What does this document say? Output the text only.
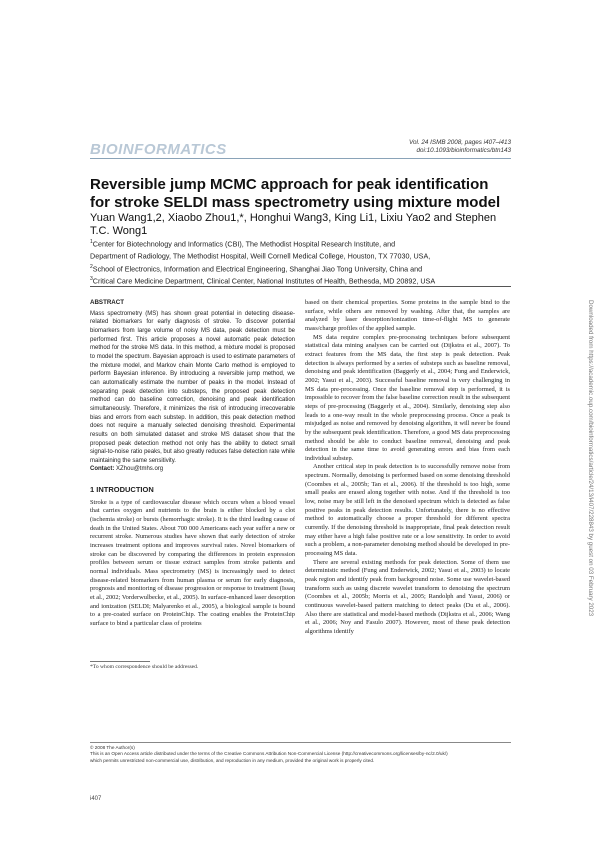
BIOINFORMATICS	Vol. 24 ISMB 2008, pages i407–i413
doi:10.1093/bioinformatics/btn143
Reversible jump MCMC approach for peak identification for stroke SELDI mass spectrometry using mixture model
Yuan Wang1,2, Xiaobo Zhou1,*, Honghui Wang3, King Li1, Lixiu Yao2 and Stephen T.C. Wong1
$^1$Center for Biotechnology and Informatics (CBI), The Methodist Hospital Research Institute, and
Department of Radiology, The Methodist Hospital, Weill Cornell Medical College, Houston, TX 77030, USA,
$^2$School of Electronics, Information and Electrical Engineering, Shanghai Jiao Tong University, China and
$^3$Critical Care Medicine Department, Clinical Center, National Institutes of Health, Bethesda, MD 20892, USA
ABSTRACT
Mass spectrometry (MS) has shown great potential in detecting disease-related biomarkers for early diagnosis of stroke. To discover potential biomarkers from large volume of noisy MS data, peak detection must be performed first. This article proposes a novel automatic peak detection method for the stroke MS data. In this method, a mixture model is proposed to model the spectrum. Bayesian approach is used to estimate parameters of the mixture model, and Markov chain Monte Carlo method is employed to perform Bayesian inference. By introducing a reversible jump method, we can automatically estimate the number of peaks in the model. Instead of separating peak detection into substeps, the proposed peak detection method can do baseline correction, denoising and peak identification simultaneously. Therefore, it minimizes the risk of introducing irrecoverable bias and errors from each substep. In addition, this peak detection method does not require a manually selected denoising threshold. Experimental results on both simulated dataset and stroke MS dataset show that the proposed peak detection method not only has the ability to detect small signal-to-noise ratio peaks, but also greatly reduces false detection rate while maintaining the same sensitivity.
Contact: XZhou@tmhs.org
1 INTRODUCTION
Stroke is a type of cardiovascular disease which occurs when a blood vessel that carries oxygen and nutrients to the brain is either blocked by a clot (ischemia stroke) or bursts (hemorrhagic stroke). It is the third leading cause of death in the United States. About 700 000 Americans each year suffer a new or recurrent stroke. Numerous studies have shown that early detection of stroke increases treatment options and improves survival rates. Novel biomarkers of stroke can be discovered by comparing the differences in protein expression profiles between serum or tissue extract samples from stroke patients and normal individuals. Mass spectrometry (MS) is increasingly used to detect disease-related biomarkers from human plasma or serum for early diagnosis, prognosis and monitoring of disease progression or response to treatment (Issaq et al., 2002; Vorderwulbecke, et al., 2005). In surface-enhanced laser desorption and ionization (SELDI; Malyarenko et al., 2005), a biological sample is bound to a pre-coated surface on ProteinChip. The coating enables the ProteinChip surface to bind a particular class of proteins
based on their chemical properties. Some proteins in the sample bind to the surface, while others are removed by washing. After that, the samples are analyzed by laser desorption/ionization time-of-flight MS to generate mass/charge profiles of the applied sample.
MS data require complex pre-processing techniques before subsequent statistical data mining analyses can be carried out (Dijkstra et al., 2007). To extract features from the MS data, the first step is peak detection. Peak detection is always performed by a series of substeps such as baseline removal, denoising and peak identification (Baggerly et al., 2004; Fung and Enderwick, 2002; Yasui et al., 2003). Successful baseline removal is very challenging in MS data pre-processing. Once the baseline removal step is performed, it is impossible to recover from the false baseline correction result in the subsequent steps of pre-processing (Baggerly et al., 2004). Similarly, denoising step also leads to a one-way result in the whole preprocessing process. Once a peak is misjudged as noise and removed by denoising algorithm, it will never be found by the subsequent peak identification. Therefore, a good MS data preprocessing method should be able to conduct baseline removal, denoising and peak detection in the same time to avoid generating errors and bias from each individual substep.
Another critical step in peak detection is to successfully remove noise from spectrum. Normally, denoising is performed based on some denoising threshold (Coombes et al., 2005b; Tan et al., 2006). If the threshold is too high, some small peaks are erased along together with noise. And if the threshold is too low, noise may be still left in the denoised spectrum which is detected as false positive peaks in peak detection results. Unfortunately, there is no effective method to automatically choose a proper threshold for different spectra currently. If the denoising threshold is inappropriate, final peak detection result may either have a high false positive rate or a low sensitivity. In order to avoid such a problem, a non-parameter denoising method should be developed in pre-processing MS data.
There are several existing methods for peak detection. Some of them use deterministic method (Fung and Enderwick, 2002; Yasui et al., 2003) to locate peak region and identify peak from background noise. Some use wavelet-based transform such as using discrete wavelet transform to denoising the spectrum (Coombes et al., 2005b; Morris et al., 2005; Randolph and Yasui, 2006) or continuous wavelet-based pattern matching to detect peaks (Du et al., 2006). Also there are statistical and model-based methods (Dijkstra et al., 2006; Wang et al., 2006; Noy and Fasulo 2007). However, most of these peak detection algorithms identify
*To whom correspondence should be addressed.
© 2008 The Author(s)
This is an Open Access article distributed under the terms of the Creative Commons Attribution Non-Commercial License (http://creativecommons.org/licenses/by-nc/2.0/uk/)
which permits unrestricted non-commercial use, distribution, and reproduction in any medium, provided the original work is properly cited.
i407
Downloaded from https://academic.oup.com/bioinformatics/article/24/13/i407/228843 by guest on 03 February 2023
